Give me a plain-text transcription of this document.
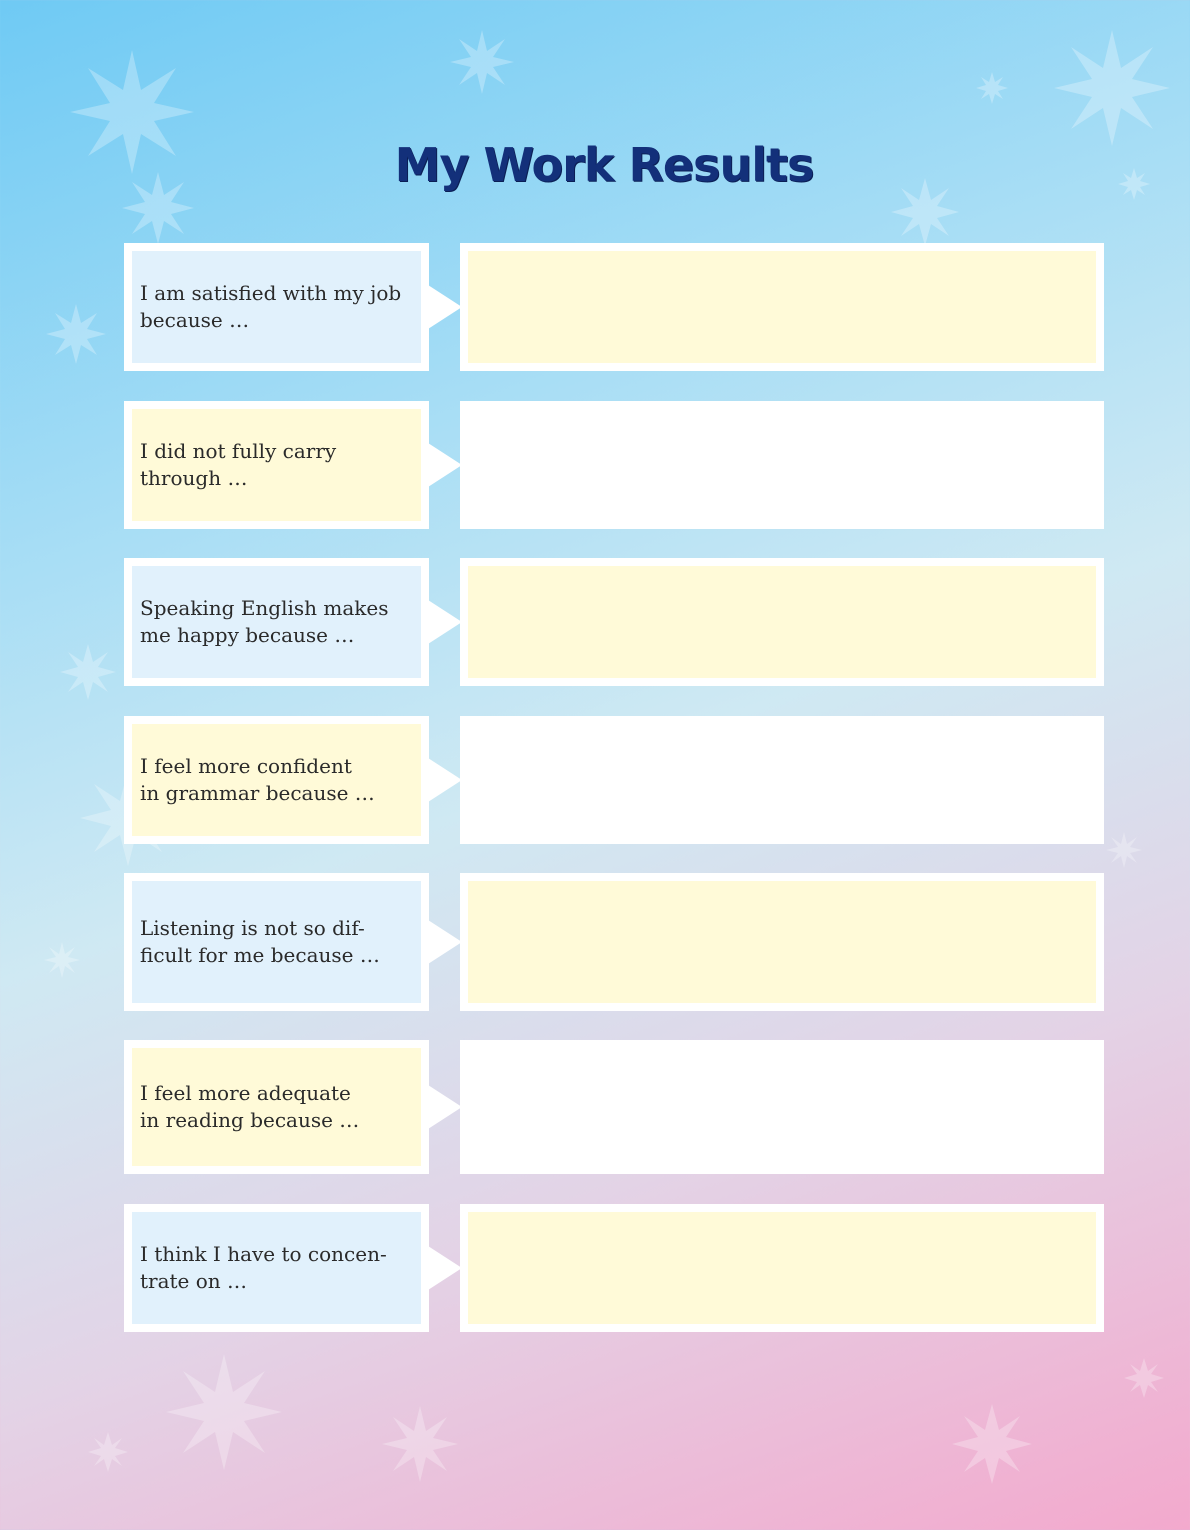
My Work Results
I am satisfied with my job
because …
I did not fully carry
through …
Speaking English makes
me happy because …
I feel more confident
in grammar because …
Listening is not so dif-
ficult for me because …
I feel more adequate
in reading because …
I think I have to concen-
trate on …
